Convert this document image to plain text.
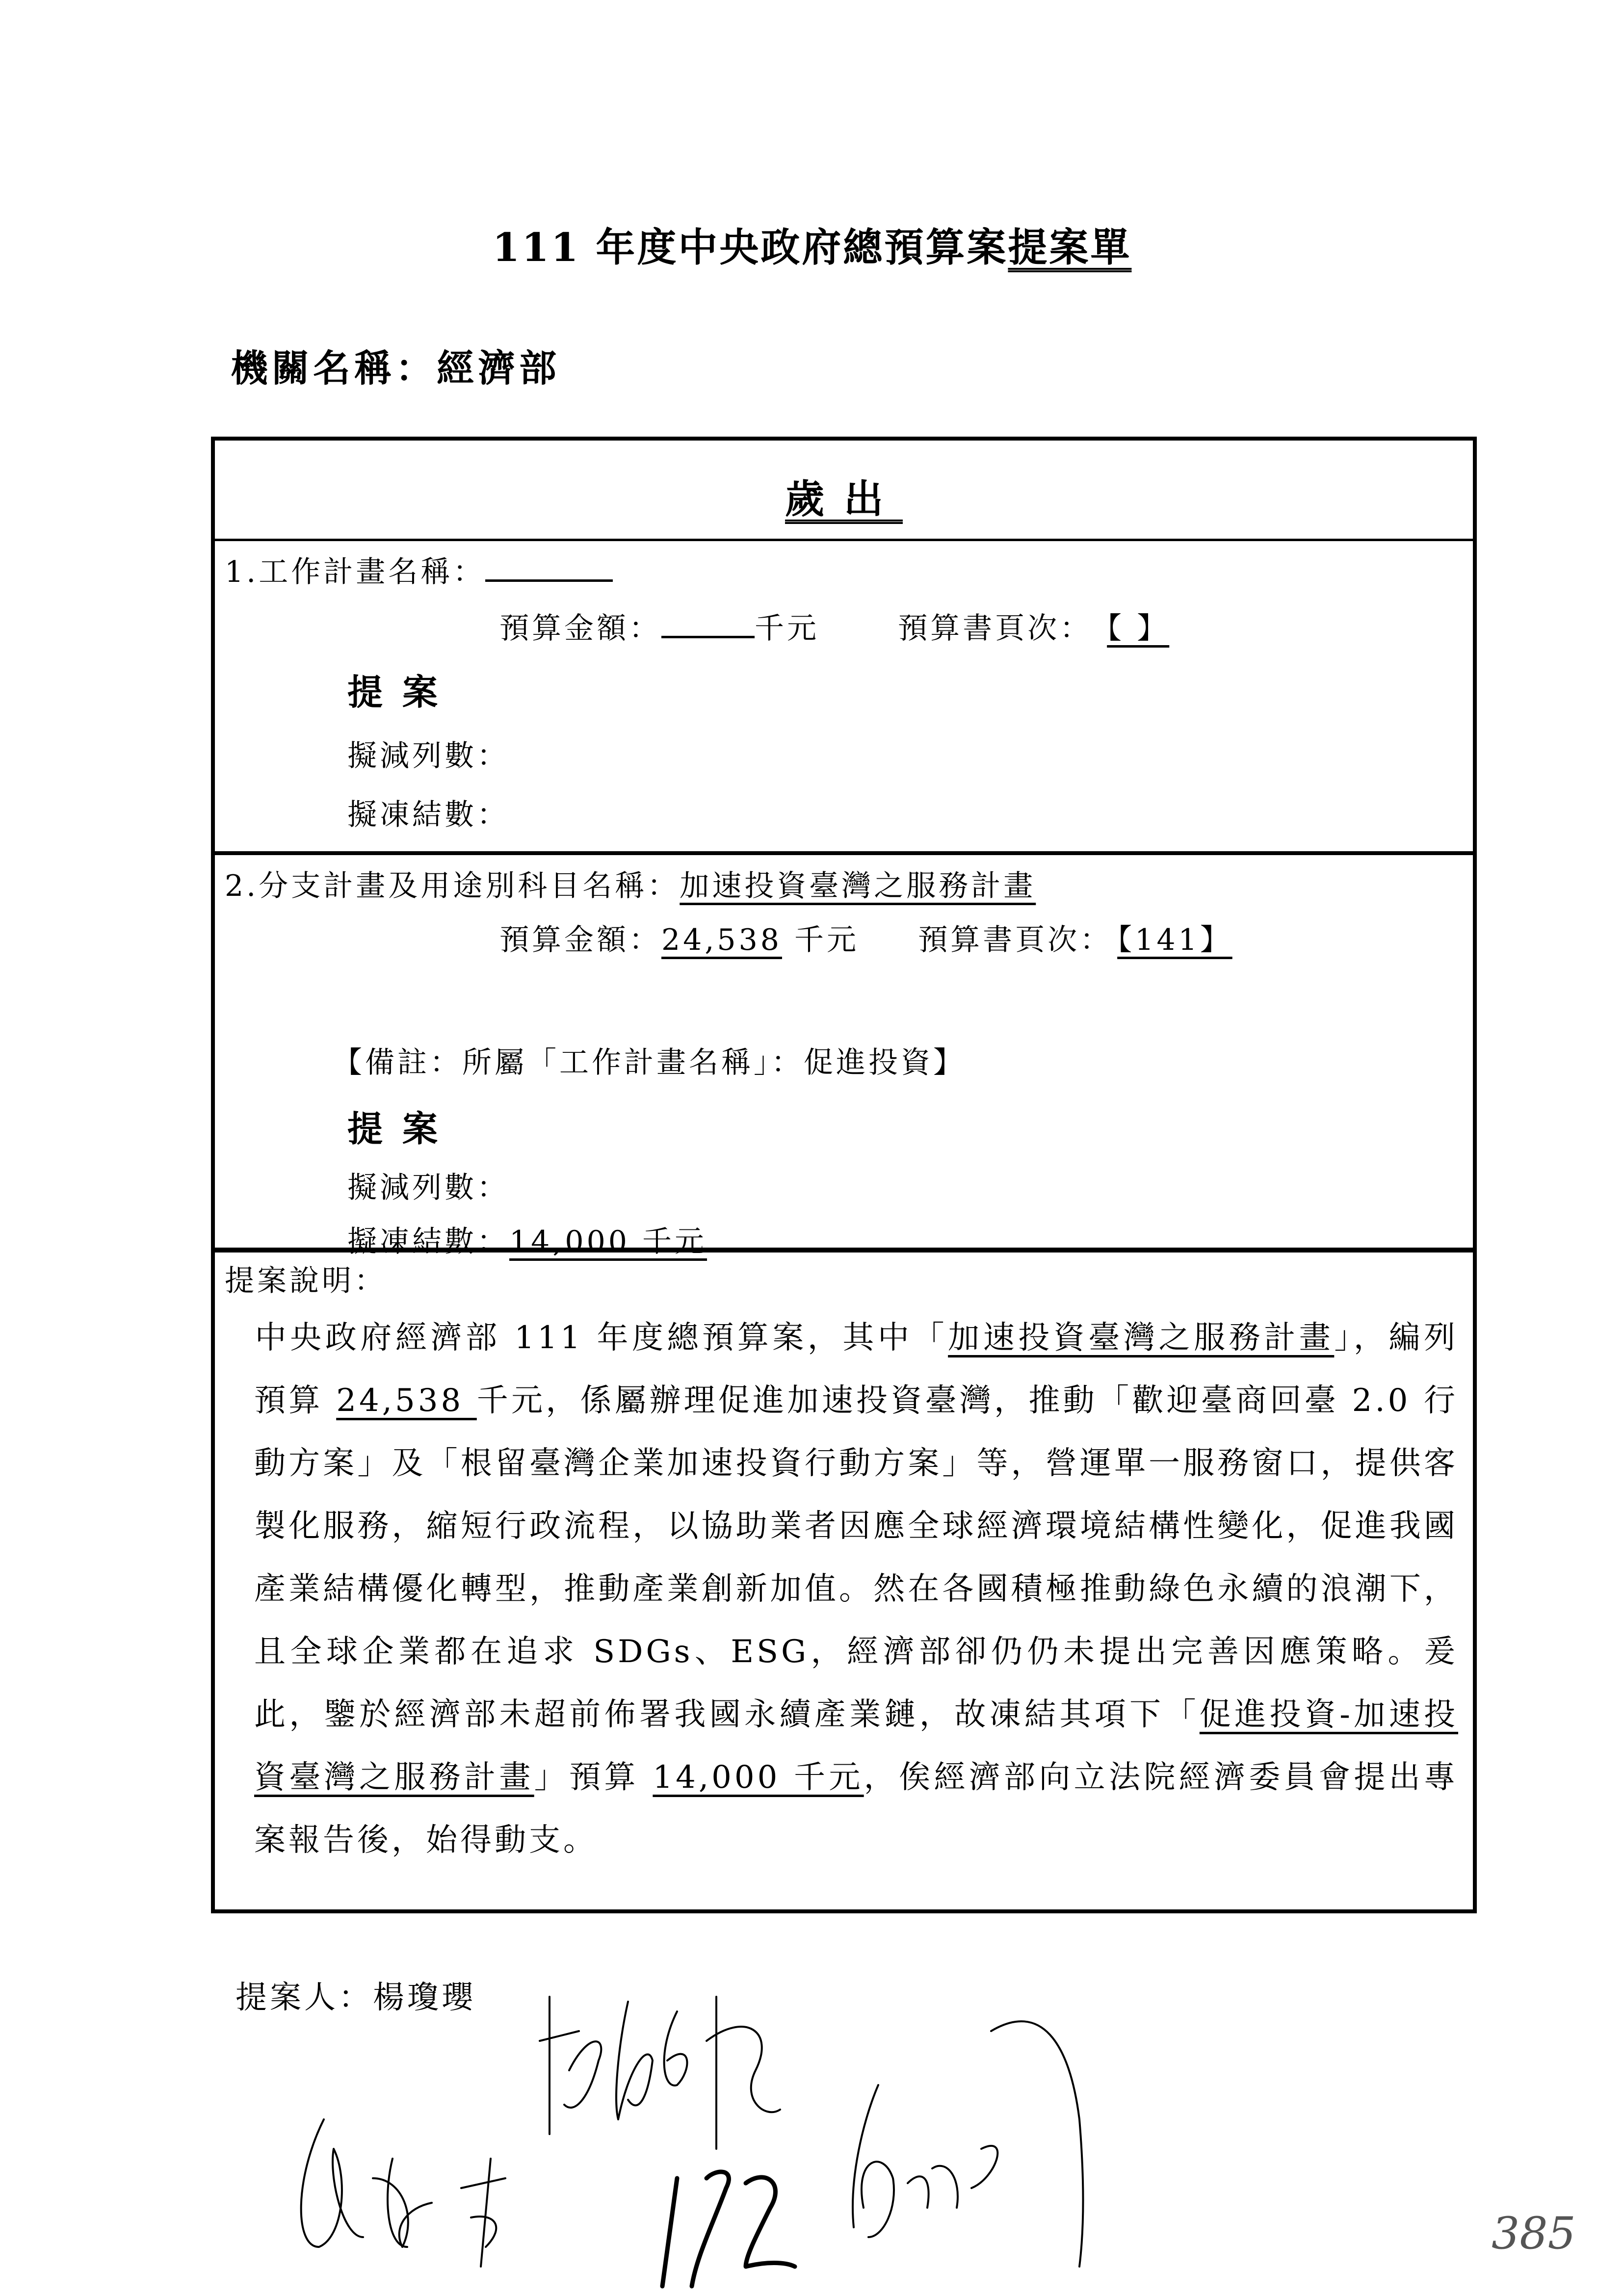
111 年度中央政府總預算案提案單
機關名稱：經濟部
歲出
1.工作計畫名稱：
預算金額：	千元	預算書頁次： 【 】
提案
擬減列數：
擬凍結數：
2.分支計畫及用途別科目名稱：加速投資臺灣之服務計畫
預算金額：24,538 千元 預算書頁次： 【141】
【備註：所屬「工作計畫名稱」：促進投資】
提案
擬減列數：
擬凍結數：14,000 千元
提案說明：
中央政府經濟部 111 年度總預算案，其中「加速投資臺灣之服務計畫」，編列預算 24,538 千元，係屬辦理促進加速投資臺灣，推動「歡迎臺商回臺 2.0 行動方案」及「根留臺灣企業加速投資行動方案」等，營運單一服務窗口，提供客製化服務，縮短行政流程，以協助業者因應全球經濟環境結構性變化，促進我國產業結構優化轉型，推動產業創新加值。然在各國積極推動綠色永續的浪潮下，且全球企業都在追求 SDGs、ESG，經濟部卻仍仍未提出完善因應策略。爰此，鑒於經濟部未超前佈署我國永續產業鏈，故凍結其項下「促進投資-加速投資臺灣之服務計畫」預算 14,000 千元，俟經濟部向立法院經濟委員會提出專案報告後，始得動支。
提案人：楊瓊瓔
385
